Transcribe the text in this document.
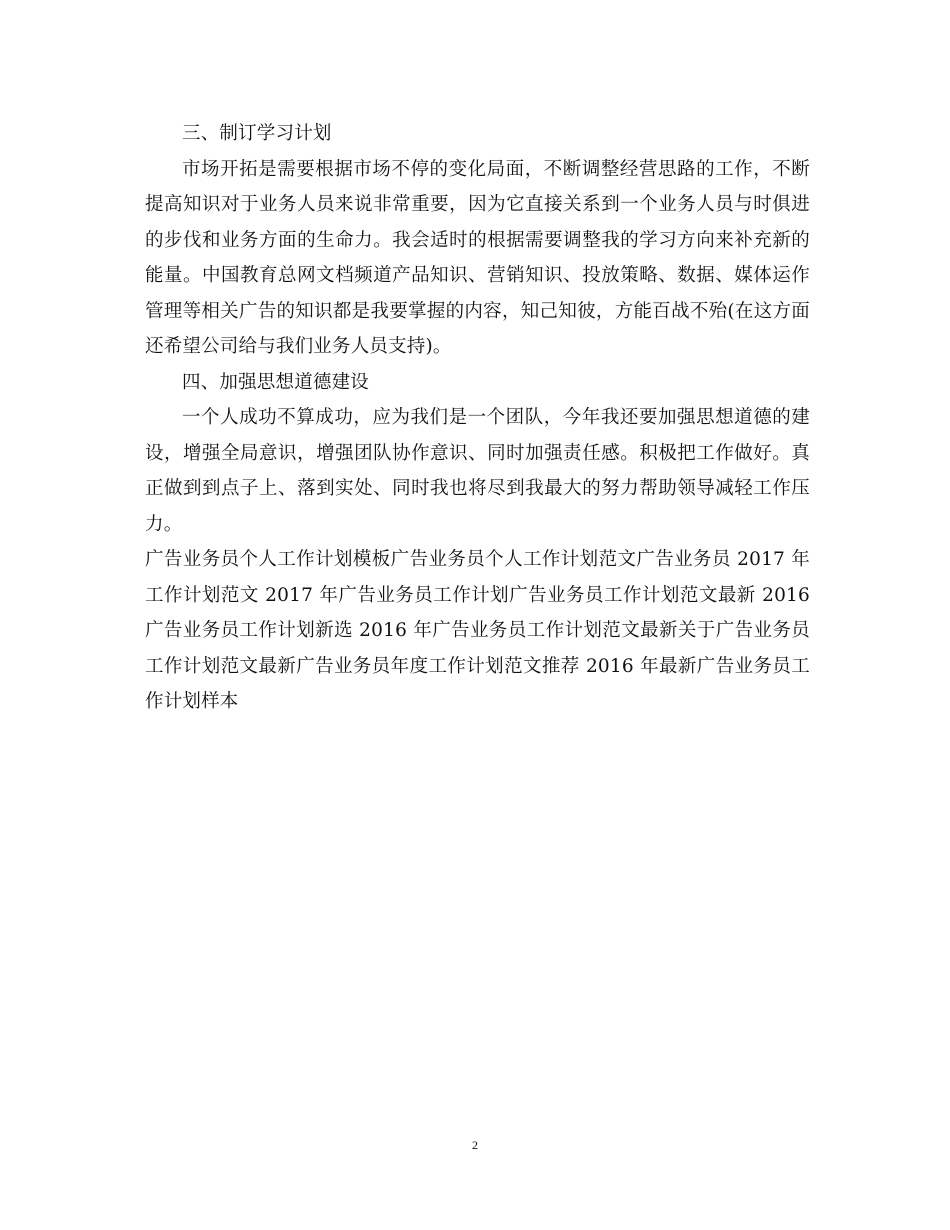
三、制订学习计划

市场开拓是需要根据市场不停的变化局面，不断调整经营思路的工作，不断提高知识对于业务人员来说非常重要，因为它直接关系到一个业务人员与时俱进的步伐和业务方面的生命力。我会适时的根据需要调整我的学习方向来补充新的能量。中国教育总网文档频道产品知识、营销知识、投放策略、数据、媒体运作管理等相关广告的知识都是我要掌握的内容，知己知彼，方能百战不殆(在这方面还希望公司给与我们业务人员支持)。

四、加强思想道德建设

一个人成功不算成功，应为我们是一个团队，今年我还要加强思想道德的建设，增强全局意识，增强团队协作意识、同时加强责任感。积极把工作做好。真正做到到点子上、落到实处、同时我也将尽到我最大的努力帮助领导减轻工作压力。

广告业务员个人工作计划模板广告业务员个人工作计划范文广告业务员 2017 年工作计划范文 2017 年广告业务员工作计划广告业务员工作计划范文最新 2016 广告业务员工作计划新选 2016 年广告业务员工作计划范文最新关于广告业务员工作计划范文最新广告业务员年度工作计划范文推荐 2016 年最新广告业务员工作计划样本

2
